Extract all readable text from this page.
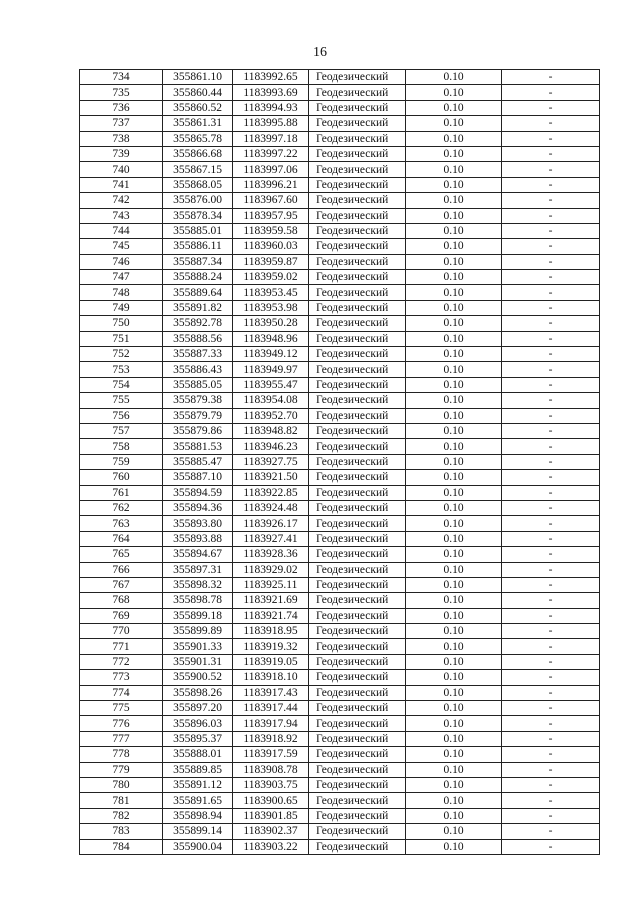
16
734	355861.10	1183992.65	Геодезический	0.10	-
735	355860.44	1183993.69	Геодезический	0.10	-
736	355860.52	1183994.93	Геодезический	0.10	-
737	355861.31	1183995.88	Геодезический	0.10	-
738	355865.78	1183997.18	Геодезический	0.10	-
739	355866.68	1183997.22	Геодезический	0.10	-
740	355867.15	1183997.06	Геодезический	0.10	-
741	355868.05	1183996.21	Геодезический	0.10	-
742	355876.00	1183967.60	Геодезический	0.10	-
743	355878.34	1183957.95	Геодезический	0.10	-
744	355885.01	1183959.58	Геодезический	0.10	-
745	355886.11	1183960.03	Геодезический	0.10	-
746	355887.34	1183959.87	Геодезический	0.10	-
747	355888.24	1183959.02	Геодезический	0.10	-
748	355889.64	1183953.45	Геодезический	0.10	-
749	355891.82	1183953.98	Геодезический	0.10	-
750	355892.78	1183950.28	Геодезический	0.10	-
751	355888.56	1183948.96	Геодезический	0.10	-
752	355887.33	1183949.12	Геодезический	0.10	-
753	355886.43	1183949.97	Геодезический	0.10	-
754	355885.05	1183955.47	Геодезический	0.10	-
755	355879.38	1183954.08	Геодезический	0.10	-
756	355879.79	1183952.70	Геодезический	0.10	-
757	355879.86	1183948.82	Геодезический	0.10	-
758	355881.53	1183946.23	Геодезический	0.10	-
759	355885.47	1183927.75	Геодезический	0.10	-
760	355887.10	1183921.50	Геодезический	0.10	-
761	355894.59	1183922.85	Геодезический	0.10	-
762	355894.36	1183924.48	Геодезический	0.10	-
763	355893.80	1183926.17	Геодезический	0.10	-
764	355893.88	1183927.41	Геодезический	0.10	-
765	355894.67	1183928.36	Геодезический	0.10	-
766	355897.31	1183929.02	Геодезический	0.10	-
767	355898.32	1183925.11	Геодезический	0.10	-
768	355898.78	1183921.69	Геодезический	0.10	-
769	355899.18	1183921.74	Геодезический	0.10	-
770	355899.89	1183918.95	Геодезический	0.10	-
771	355901.33	1183919.32	Геодезический	0.10	-
772	355901.31	1183919.05	Геодезический	0.10	-
773	355900.52	1183918.10	Геодезический	0.10	-
774	355898.26	1183917.43	Геодезический	0.10	-
775	355897.20	1183917.44	Геодезический	0.10	-
776	355896.03	1183917.94	Геодезический	0.10	-
777	355895.37	1183918.92	Геодезический	0.10	-
778	355888.01	1183917.59	Геодезический	0.10	-
779	355889.85	1183908.78	Геодезический	0.10	-
780	355891.12	1183903.75	Геодезический	0.10	-
781	355891.65	1183900.65	Геодезический	0.10	-
782	355898.94	1183901.85	Геодезический	0.10	-
783	355899.14	1183902.37	Геодезический	0.10	-
784	355900.04	1183903.22	Геодезический	0.10	-
